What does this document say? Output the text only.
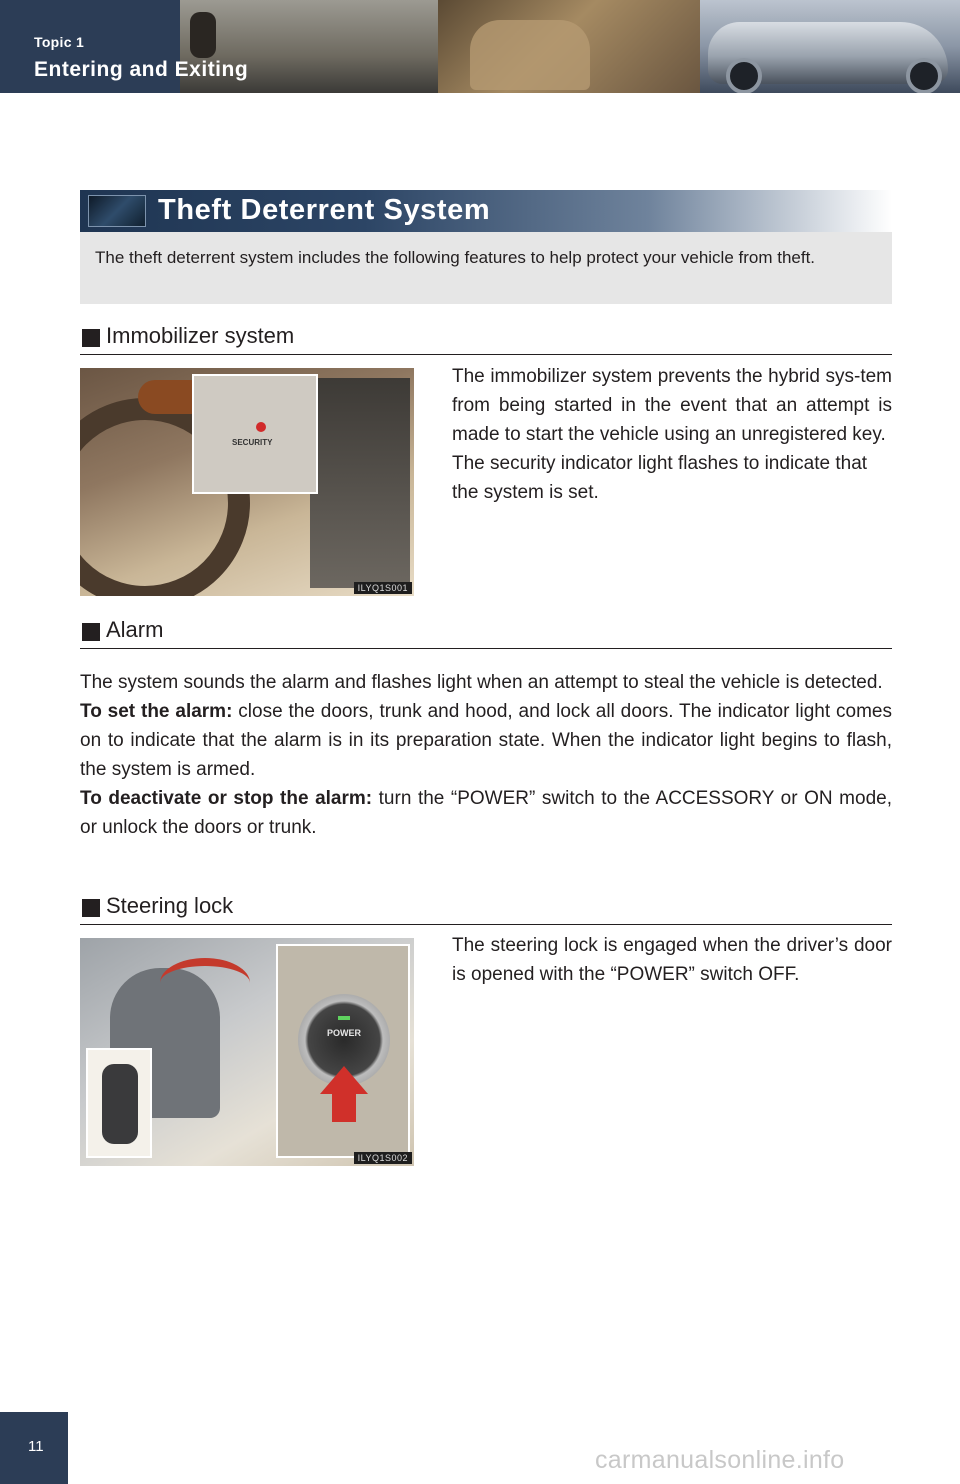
Topic 1
Entering and Exiting
Theft Deterrent System
The theft deterrent system includes the following features to help protect your vehicle from theft.
Immobilizer system
SECURITY
ILYQ1S001
The immobilizer system prevents the hybrid sys-tem from being started in the event that an attempt is made to start the vehicle using an unregistered key.
The security indicator light flashes to indicate that the system is set.
Alarm
The system sounds the alarm and flashes light when an attempt to steal the vehicle is detected.
To set the alarm: close the doors, trunk and hood, and lock all doors. The indicator light comes on to indicate that the alarm is in its preparation state. When the indicator light begins to flash, the system is armed.
To deactivate or stop the alarm: turn the “POWER” switch to the ACCESSORY or ON mode, or unlock the doors or trunk.
Steering lock
POWER
ILYQ1S002
The steering lock is engaged when the driver’s door is opened with the “POWER” switch OFF.
11	carmanualsonline.info
